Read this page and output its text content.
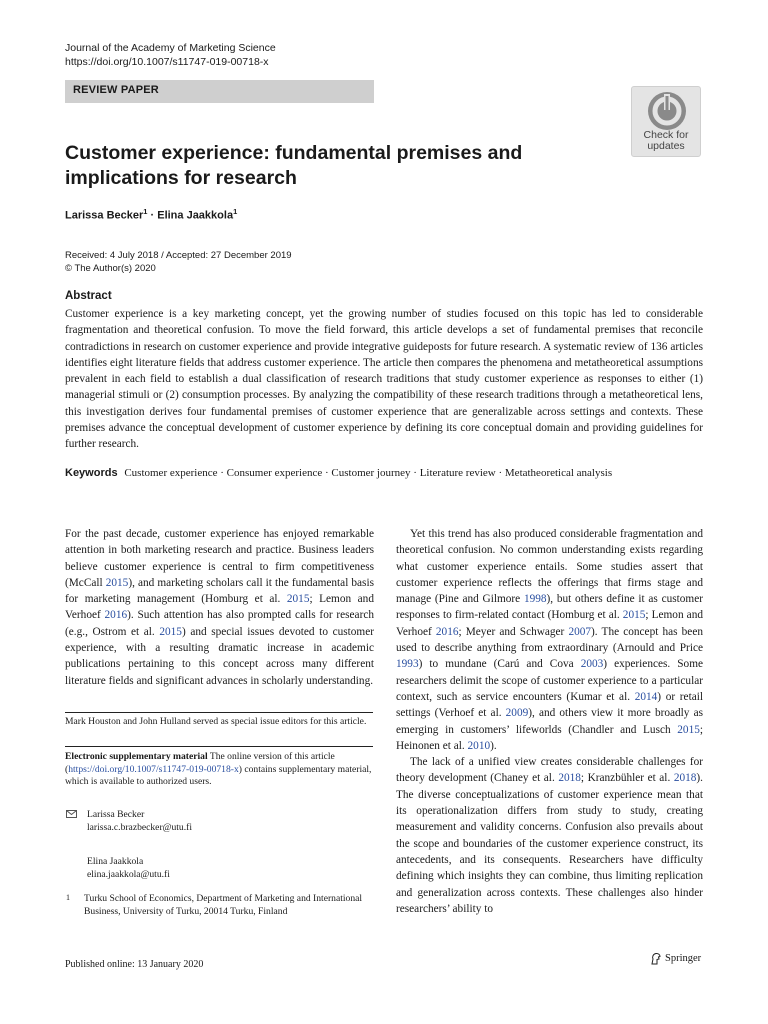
Journal of the Academy of Marketing Science
https://doi.org/10.1007/s11747-019-00718-x
REVIEW PAPER
Check for
updates
Customer experience: fundamental premises and implications for research
Larissa Becker$^1$ · Elina Jaakkola$^1$
Received: 4 July 2018 / Accepted: 27 December 2019
© The Author(s) 2020
Abstract

Customer experience is a key marketing concept, yet the growing number of studies focused on this topic has led to considerable fragmentation and theoretical confusion. To move the field forward, this article develops a set of fundamental premises that reconcile contradictions in research on customer experience and provide integrative guideposts for future research. A systematic review of 136 articles identifies eight literature fields that address customer experience. The article then compares the phenomena and metatheoretical assumptions prevalent in each field to establish a dual classification of research traditions that study customer experience as responses to either (1) managerial stimuli or (2) consumption processes. By analyzing the compatibility of these research traditions through a metatheoretical lens, this investigation derives four fundamental premises of customer experience that are generalizable across settings and contexts. These premises advance the conceptual development of customer experience by defining its core conceptual domain and providing guidelines for further research.

Keywords Customer experience · Consumer experience · Customer journey · Literature review · Metatheoretical analysis

For the past decade, customer experience has enjoyed remarkable attention in both marketing research and practice. Business leaders believe customer experience is central to firm competitiveness (McCall 2015), and marketing scholars call it the fundamental basis for marketing management (Homburg et al. 2015; Lemon and Verhoef 2016). Such attention has also prompted calls for research (e.g., Ostrom et al. 2015) and special issues devoted to customer experience, with a resulting dramatic increase in academic publications pertaining to this concept across many different literature fields and significant advances in scholarly understanding.

Mark Houston and John Hulland served as special issue editors for this article.
Electronic supplementary material The online version of this article (https://doi.org/10.1007/s11747-019-00718-x) contains supplementary material, which is available to authorized users.
Larissa Becker
larissa.c.brazbecker@utu.fi
Elina Jaakkola
elina.jaakkola@utu.fi
1	Turku School of Economics, Department of Marketing and International Business, University of Turku, 20014 Turku, Finland

Yet this trend has also produced considerable fragmentation and theoretical confusion. No common understanding exists regarding what customer experience entails. Some studies assert that customer experience reflects the offerings that firms stage and manage (Pine and Gilmore 1998), but others define it as customer responses to firm-related contact (Homburg et al. 2015; Lemon and Verhoef 2016; Meyer and Schwager 2007). The concept has been used to describe anything from extraordinary (Arnould and Price 1993) to mundane (Carú and Cova 2003) experiences. Some researchers delimit the scope of customer experience to a particular context, such as service encounters (Kumar et al. 2014) or retail settings (Verhoef et al. 2009), and others view it more broadly as emerging in customers’ lifeworlds (Chandler and Lusch 2015; Heinonen et al. 2010).

The lack of a unified view creates considerable challenges for theory development (Chaney et al. 2018; Kranzbühler et al. 2018). The diverse conceptualizations of customer experience mean that its operationalization differs from study to study, creating measurement and validity concerns. Confusion also prevails about the scope and boundaries of the customer experience construct, its antecedents, and its consequents. Researchers have difficulty defining which insights they can combine, thus limiting replication and generalization across contexts. These challenges also hinder researchers’ ability to

Published online: 13 January 2020
Springer
